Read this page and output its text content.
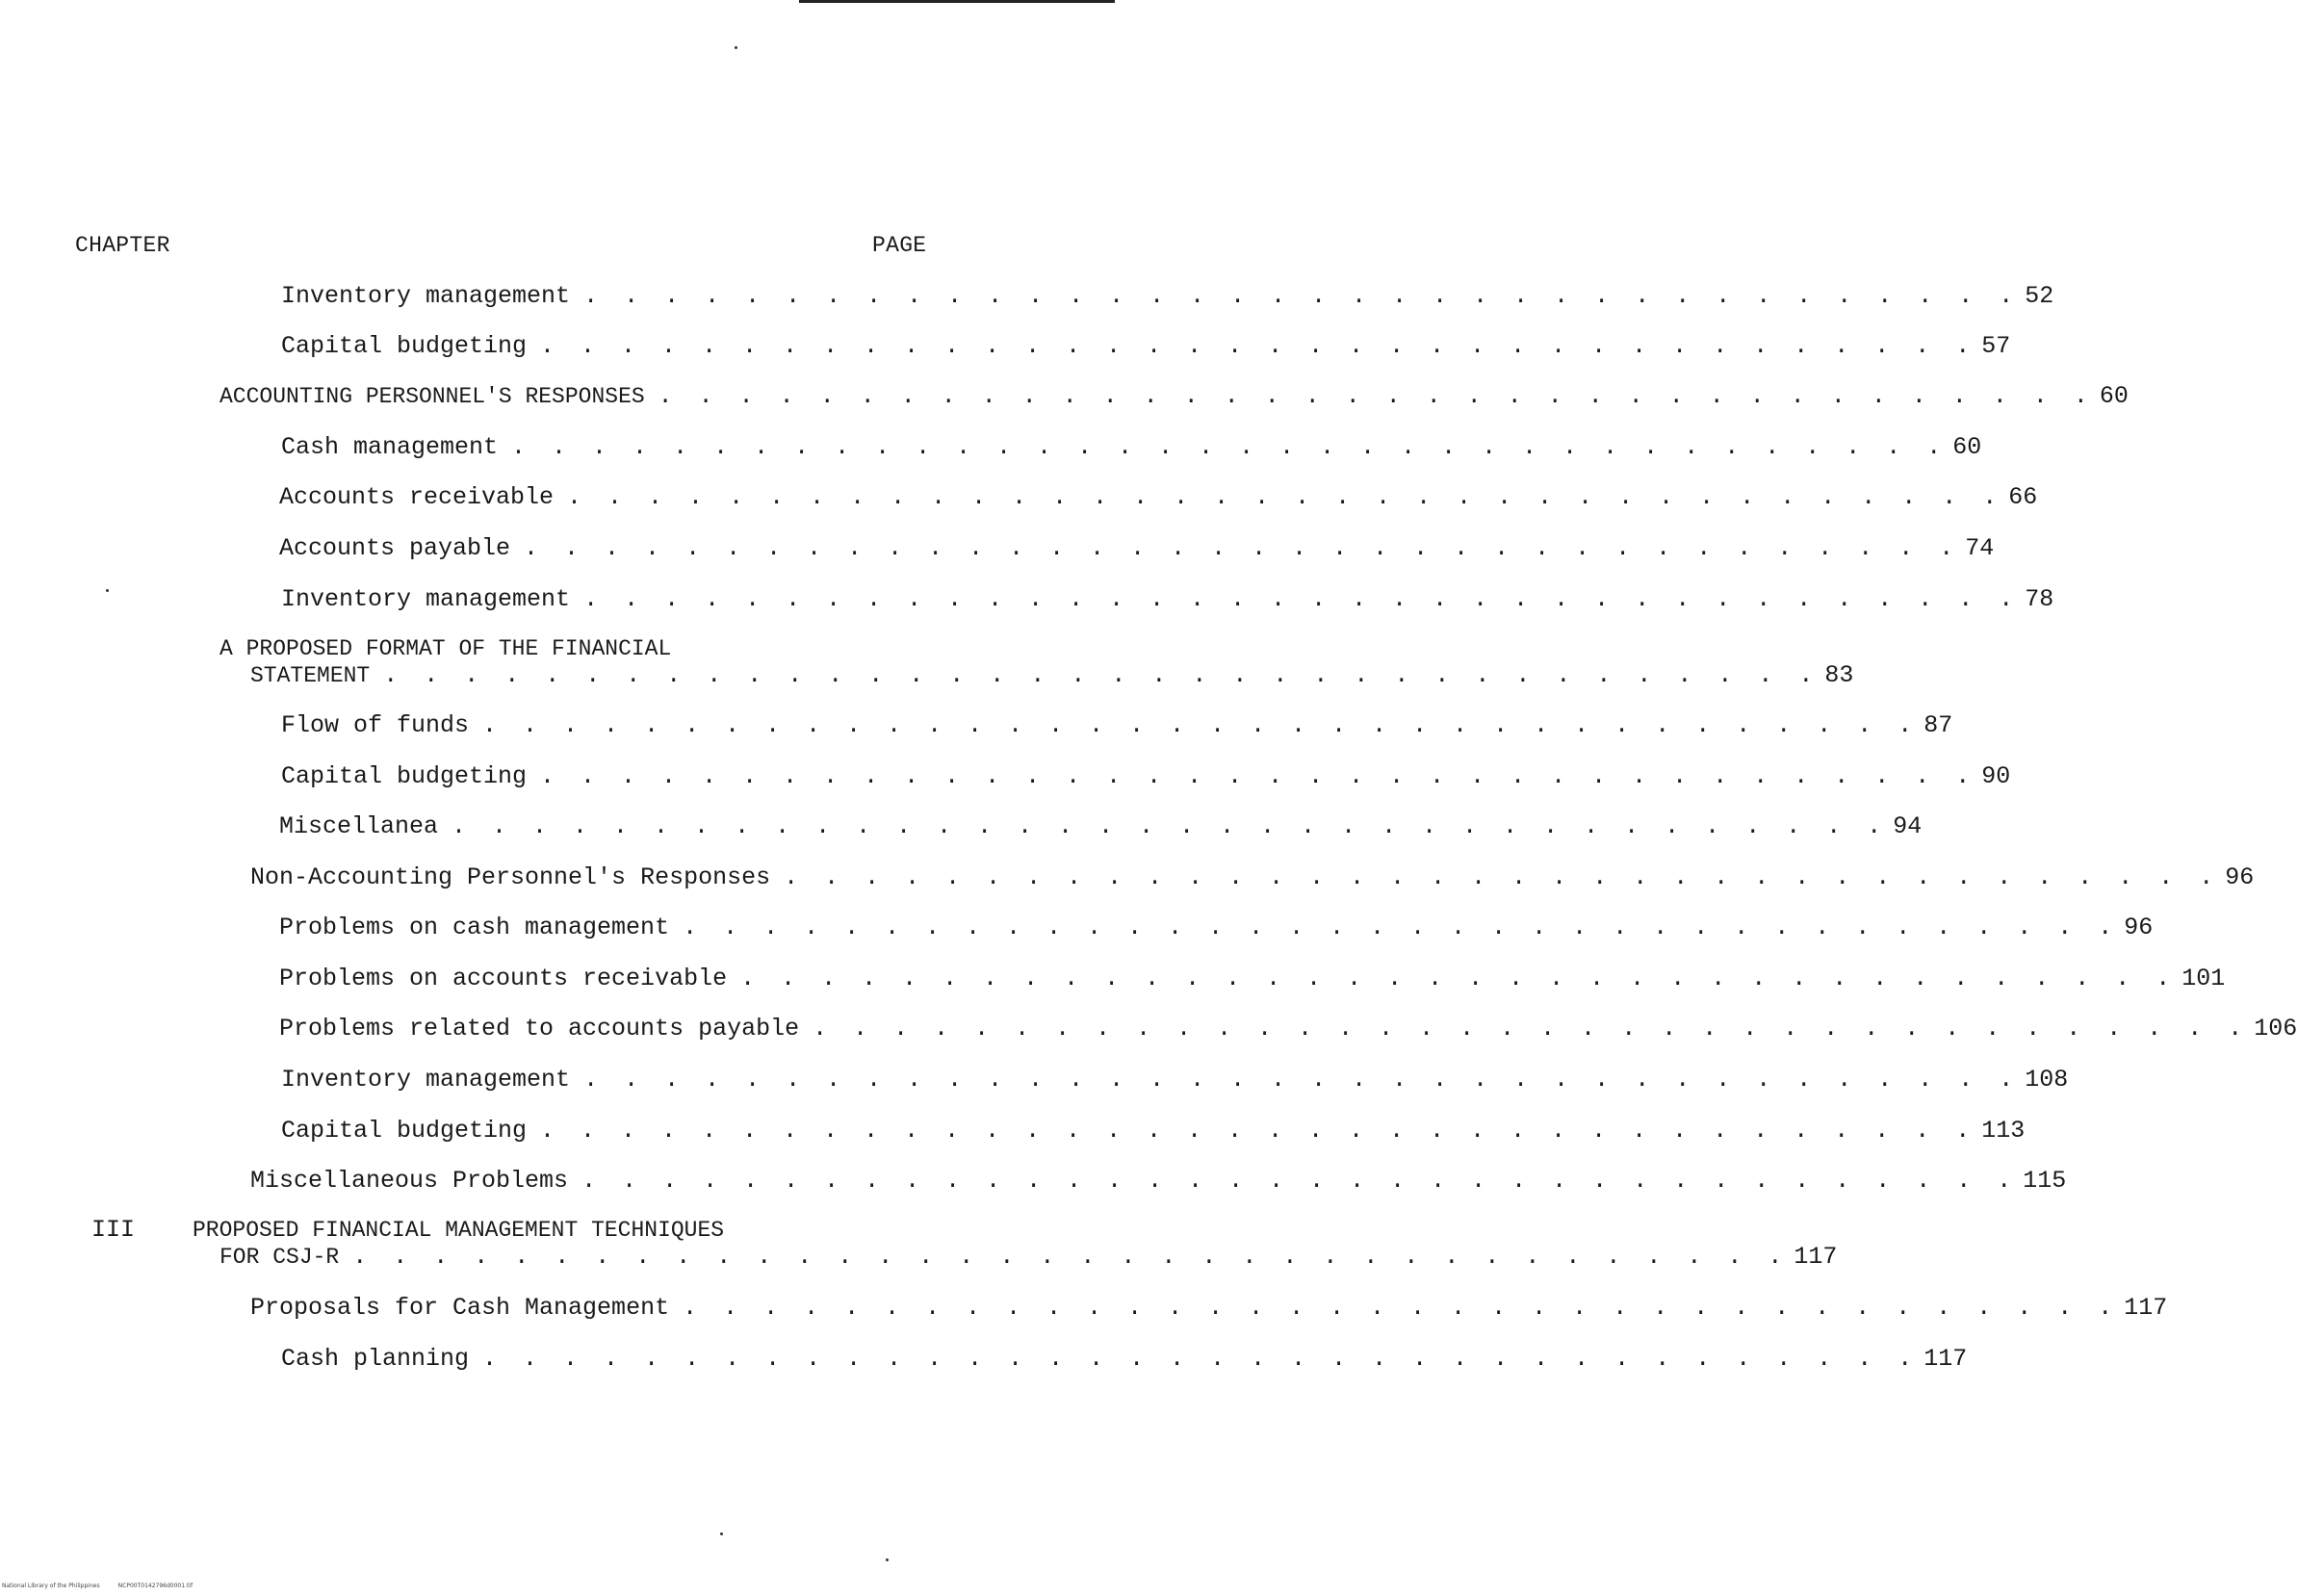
CHAPTER	PAGE
Inventory management . . . . . . . . . . . . . . . . . . . . . . . . . . . . . . . . . . . . 52
Capital budgeting . . . . . . . . . . . . . . . . . . . . . . . . . . . . . . . . . . . . 57
ACCOUNTING PERSONNEL'S RESPONSES . . . . . . . . . . . . . . . . . . . . . . . . . . . . . . . . . . . . 60
Cash management . . . . . . . . . . . . . . . . . . . . . . . . . . . . . . . . . . . . 60
Accounts receivable . . . . . . . . . . . . . . . . . . . . . . . . . . . . . . . . . . . . 66
Accounts payable . . . . . . . . . . . . . . . . . . . . . . . . . . . . . . . . . . . . 74
Inventory management . . . . . . . . . . . . . . . . . . . . . . . . . . . . . . . . . . . . 78
A PROPOSED FORMAT OF THE FINANCIAL
STATEMENT . . . . . . . . . . . . . . . . . . . . . . . . . . . . . . . . . . . . 83
Flow of funds . . . . . . . . . . . . . . . . . . . . . . . . . . . . . . . . . . . . 87
Capital budgeting . . . . . . . . . . . . . . . . . . . . . . . . . . . . . . . . . . . . 90
Miscellanea . . . . . . . . . . . . . . . . . . . . . . . . . . . . . . . . . . . . 94
Non-Accounting Personnel's Responses . . . . . . . . . . . . . . . . . . . . . . . . . . . . . . . . . . . . 96
Problems on cash management . . . . . . . . . . . . . . . . . . . . . . . . . . . . . . . . . . . . 96
Problems on accounts receivable . . . . . . . . . . . . . . . . . . . . . . . . . . . . . . . . . . . . 101
Problems related to accounts payable . . . . . . . . . . . . . . . . . . . . . . . . . . . . . . . . . . . . 106
Inventory management . . . . . . . . . . . . . . . . . . . . . . . . . . . . . . . . . . . . 108
Capital budgeting . . . . . . . . . . . . . . . . . . . . . . . . . . . . . . . . . . . . 113
Miscellaneous Problems . . . . . . . . . . . . . . . . . . . . . . . . . . . . . . . . . . . . 115
III	PROPOSED FINANCIAL MANAGEMENT TECHNIQUES
FOR CSJ-R . . . . . . . . . . . . . . . . . . . . . . . . . . . . . . . . . . . . 117
Proposals for Cash Management . . . . . . . . . . . . . . . . . . . . . . . . . . . . . . . . . . . . 117
Cash planning . . . . . . . . . . . . . . . . . . . . . . . . . . . . . . . . . . . . 117
National Library of the Philippines	NCP00T0142796d0001.tif
